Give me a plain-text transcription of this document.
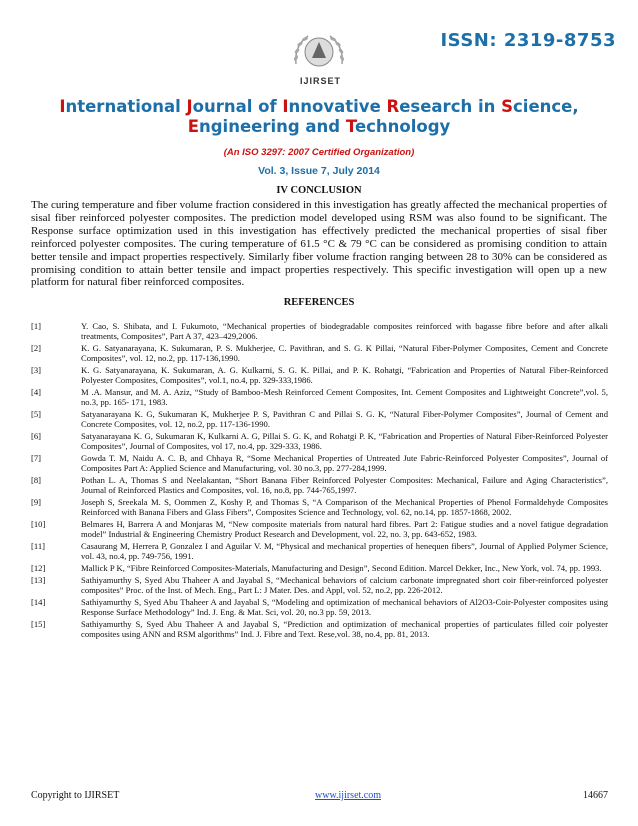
IJIRSET
ISSN: 2319-8753
International Journal of Innovative Research in Science,
Engineering and Technology
(An ISO 3297: 2007 Certified Organization)
Vol. 3, Issue 7, July 2014
IV CONCLUSION
The curing temperature and fiber volume fraction considered in this investigation has greatly affected the mechanical properties of sisal fiber reinforced polyester composites. The prediction model developed using RSM was also found to be significant. The Response surface optimization used in this investigation has effectively predicted the mechanical properties of sisal fiber reinforced polyester composites. The curing temperature of 61.5 °C & 79 °C can be considered as promising condition to attain better tensile and impact properties respectively. Similarly fiber volume fraction ranging between 28 to 30% can be considered as promising condition to attain better tensile and impact properties respectively. This specific investigation will open up a new platform for natural fiber reinforced composites.
REFERENCES
[1]	Y. Cao, S. Shibata, and I. Fukumoto, “Mechanical properties of biodegradable composites reinforced with bagasse fibre before and after alkali treatments, Composites”, Part A 37, 423–429,2006.
[2]	K. G. Satyanarayana, K. Sukumaran, P. S. Mukherjee, C. Pavithran, and S. G. K Pillai, “Natural Fiber-Polymer Composites, Cement and Concrete Composites”, vol. 12, no.2, pp. 117-136,1990.
[3]	K. G. Satyanarayana, K. Sukumaran, A. G. Kulkarni, S. G. K. Pillai, and P. K. Rohatgi, “Fabrication and Properties of Natural Fiber-Reinforced Polyester Composites, Composites”, vol.1, no.4, pp. 329-333,1986.
[4]	M .A. Mansur, and M. A. Aziz, “Study of Bamboo-Mesh Reinforced Cement Composites, Int. Cement Composites and Lightweight Concrete”,vol. 5, no.3, pp. 165- 171, 1983.
[5]	Satyanarayana K. G, Sukumaran K, Mukherjee P. S, Pavithran C and Pillai S. G. K, “Natural Fiber-Polymer Composites”, Journal of Cement and Concrete Composites, vol. 12, no.2, pp. 117-136-1990.
[6]	Satyanarayana K. G, Sukumaran K, Kulkarni A. G, Pillai S. G. K, and Rohatgi P. K, “Fabrication and Properties of Natural Fiber-Reinforced Polyester Composites”, Journal of Composites, vol 17, no.4, pp. 329-333, 1986.
[7]	Gowda T. M, Naidu A. C. B, and Chhaya R, “Some Mechanical Properties of Untreated Jute Fabric-Reinforced Polyester Composites”, Journal of Composites Part A: Applied Science and Manufacturing, vol. 30 no.3, pp. 277-284,1999.
[8]	Pothan L. A, Thomas S and Neelakantan, “Short Banana Fiber Reinforced Polyester Composites: Mechanical, Failure and Aging Characteristics”, Journal of Reinforced Plastics and Composites, vol. 16, no.8, pp. 744-765,1997.
[9]	Joseph S, Sreekala M. S, Oommen Z, Koshy P, and Thomas S, “A Comparison of the Mechanical Properties of Phenol Formaldehyde Composites Reinforced with Banana Fibers and Glass Fibers”, Composites Science and Technology, vol. 62, no.14, pp. 1857-1868, 2002.
[10]	Belmares H, Barrera A and Monjaras M, “New composite materials from natural hard fibres. Part 2: Fatigue studies and a novel fatigue degradation model” Industrial & Engineering Chemistry Product Research and Development, vol. 22, no. 3, pp. 643-652, 1983.
[11]	Casaurang M, Herrera P, Gonzalez I and Aguilar V. M, “Physical and mechanical properties of henequen fibers”, Journal of Applied Polymer Science, vol. 43, no.4, pp. 749-756, 1991.
[12]	Mallick P K, “Fibre Reinforced Composites-Materials, Manufacturing and Design”, Second Edition. Marcel Dekker, Inc., New York, vol. 74, pp. 1993.
[13]	Sathiyamurthy S, Syed Abu Thaheer A and Jayabal S, “Mechanical behaviors of calcium carbonate impregnated short coir fiber-reinforced polyester composites” Proc. of the Inst. of Mech. Eng., Part L: J Mater. Des. and Appl, vol. 52, no.2, pp. 226-2012.
[14]	Sathiyamurthy S, Syed Abu Thaheer A and Jayabal S, “Modeling and optimization of mechanical behaviors of Al2O3-Coir-Polyester composites using Response Surface Methodology” Ind. J. Eng. & Mat. Sci, vol. 20, no.3 pp. 59, 2013.
[15]	Sathiyamurthy S, Syed Abu Thaheer A and Jayabal S, “Prediction and optimization of mechanical properties of particulates filled coir polyester composites using ANN and RSM algorithms” Ind. J. Fibre and Text. Rese,vol. 38, no.4, pp. 81, 2013.
Copyright to IJIRSET	www.ijirset.com	14667
